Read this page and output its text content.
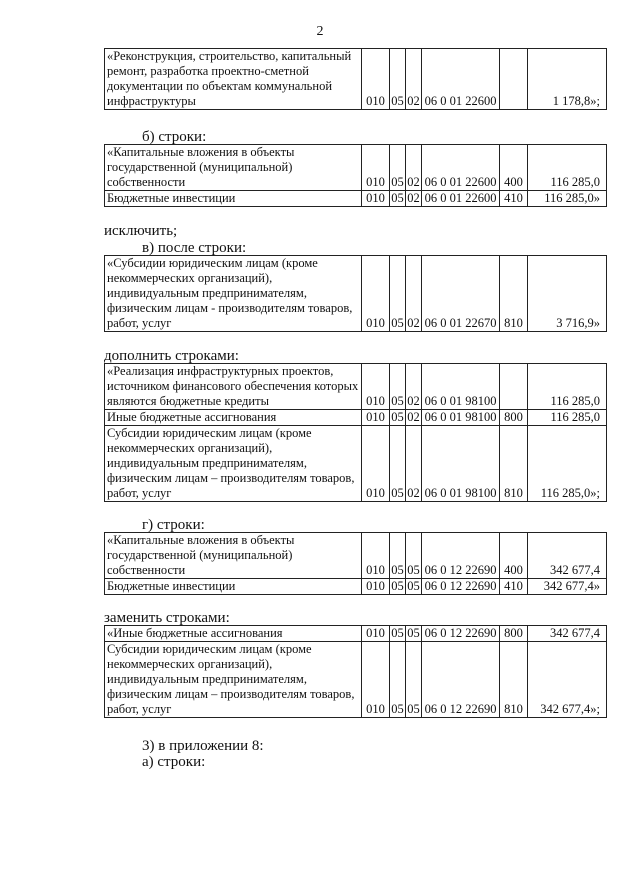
2
«Реконструкция, строительство, капитальный ремонт, разработка проектно-сметной документации по объектам коммунальной инфраструктуры	010	05	02	06 0 01 22600		1 178,8»;
б) строки:
«Капитальные вложения в объекты государственной (муниципальной) собственности	010	05	02	06 0 01 22600	400	116 285,0
Бюджетные инвестиции	010	05	02	06 0 01 22600	410	116 285,0»
исключить;
в) после строки:
«Субсидии юридическим лицам (кроме некоммерческих организаций), индивидуальным предпринимателям, физическим лицам - производителям товаров, работ, услуг	010	05	02	06 0 01 22670	810	3 716,9»
дополнить строками:
«Реализация инфраструктурных проектов, источником финансового обеспечения которых являются бюджетные кредиты	010	05	02	06 0 01 98100		116 285,0
Иные бюджетные ассигнования	010	05	02	06 0 01 98100	800	116 285,0
Субсидии юридическим лицам (кроме некоммерческих организаций), индивидуальным предпринимателям, физическим лицам – производителям товаров, работ, услуг	010	05	02	06 0 01 98100	810	116 285,0»;
г) строки:
«Капитальные вложения в объекты государственной (муниципальной) собственности	010	05	05	06 0 12 22690	400	342 677,4
Бюджетные инвестиции	010	05	05	06 0 12 22690	410	342 677,4»
заменить строками:
«Иные бюджетные ассигнования	010	05	05	06 0 12 22690	800	342 677,4
Субсидии юридическим лицам (кроме некоммерческих организаций), индивидуальным предпринимателям, физическим лицам – производителям товаров, работ, услуг	010	05	05	06 0 12 22690	810	342 677,4»;
3) в приложении 8:
а) строки:
